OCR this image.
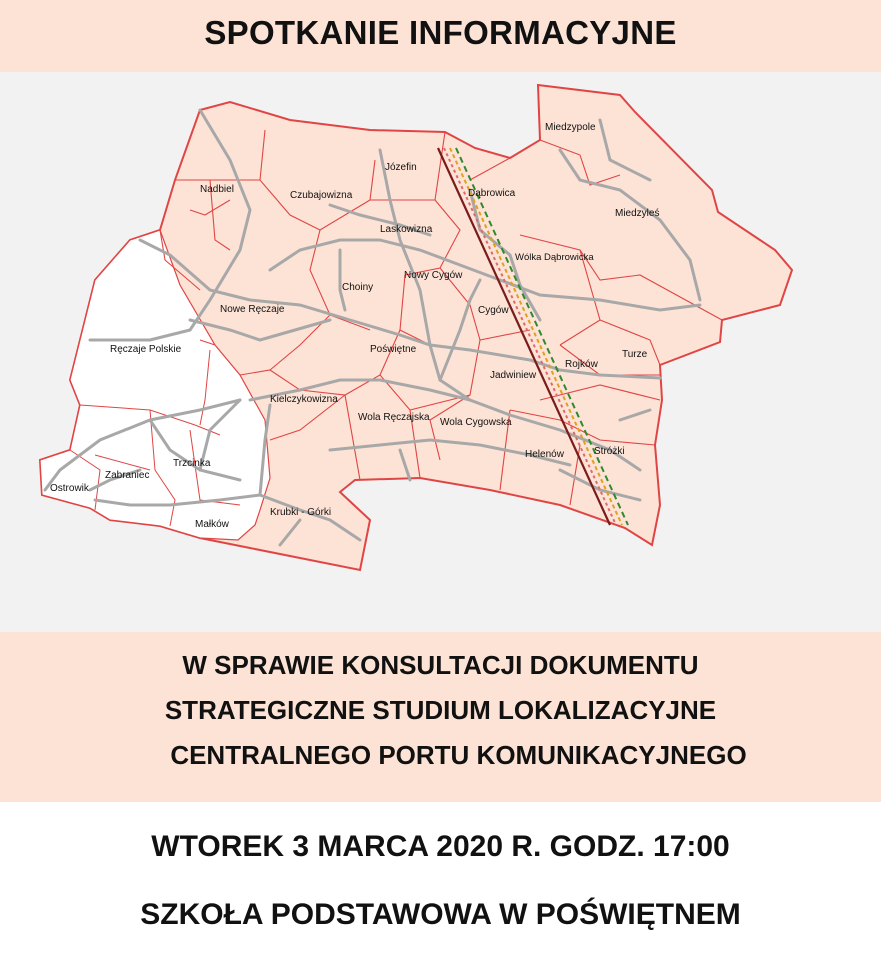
SPOTKANIE INFORMACYJNE
Miedzypole
Józefin
Dąbrowica
Miedzyleś
Nadbiel
Czubajowizna
Laskowizna
Wólka Dąbrowicka
Nowy Cygów
Choiny
Cygów
Nowe Ręczaje
Ręczaje Polskie	Poświętne
Rojków
Turze
Jadwiniew
Kielczykowizna
Wola Ręczajska Wola Cygowska
Zabraniec
Trzcinka
Helenów	Stróżki
Ostrowik
Krubki - Górki
Małków
W SPRAWIE KONSULTACJI DOKUMENTU
STRATEGICZNE STUDIUM LOKALIZACYJNE
CENTRALNEGO PORTU KOMUNIKACYJNEGO
WTOREK 3 MARCA 2020 R. GODZ. 17:00
SZKOŁA PODSTAWOWA W POŚWIĘTNEM
